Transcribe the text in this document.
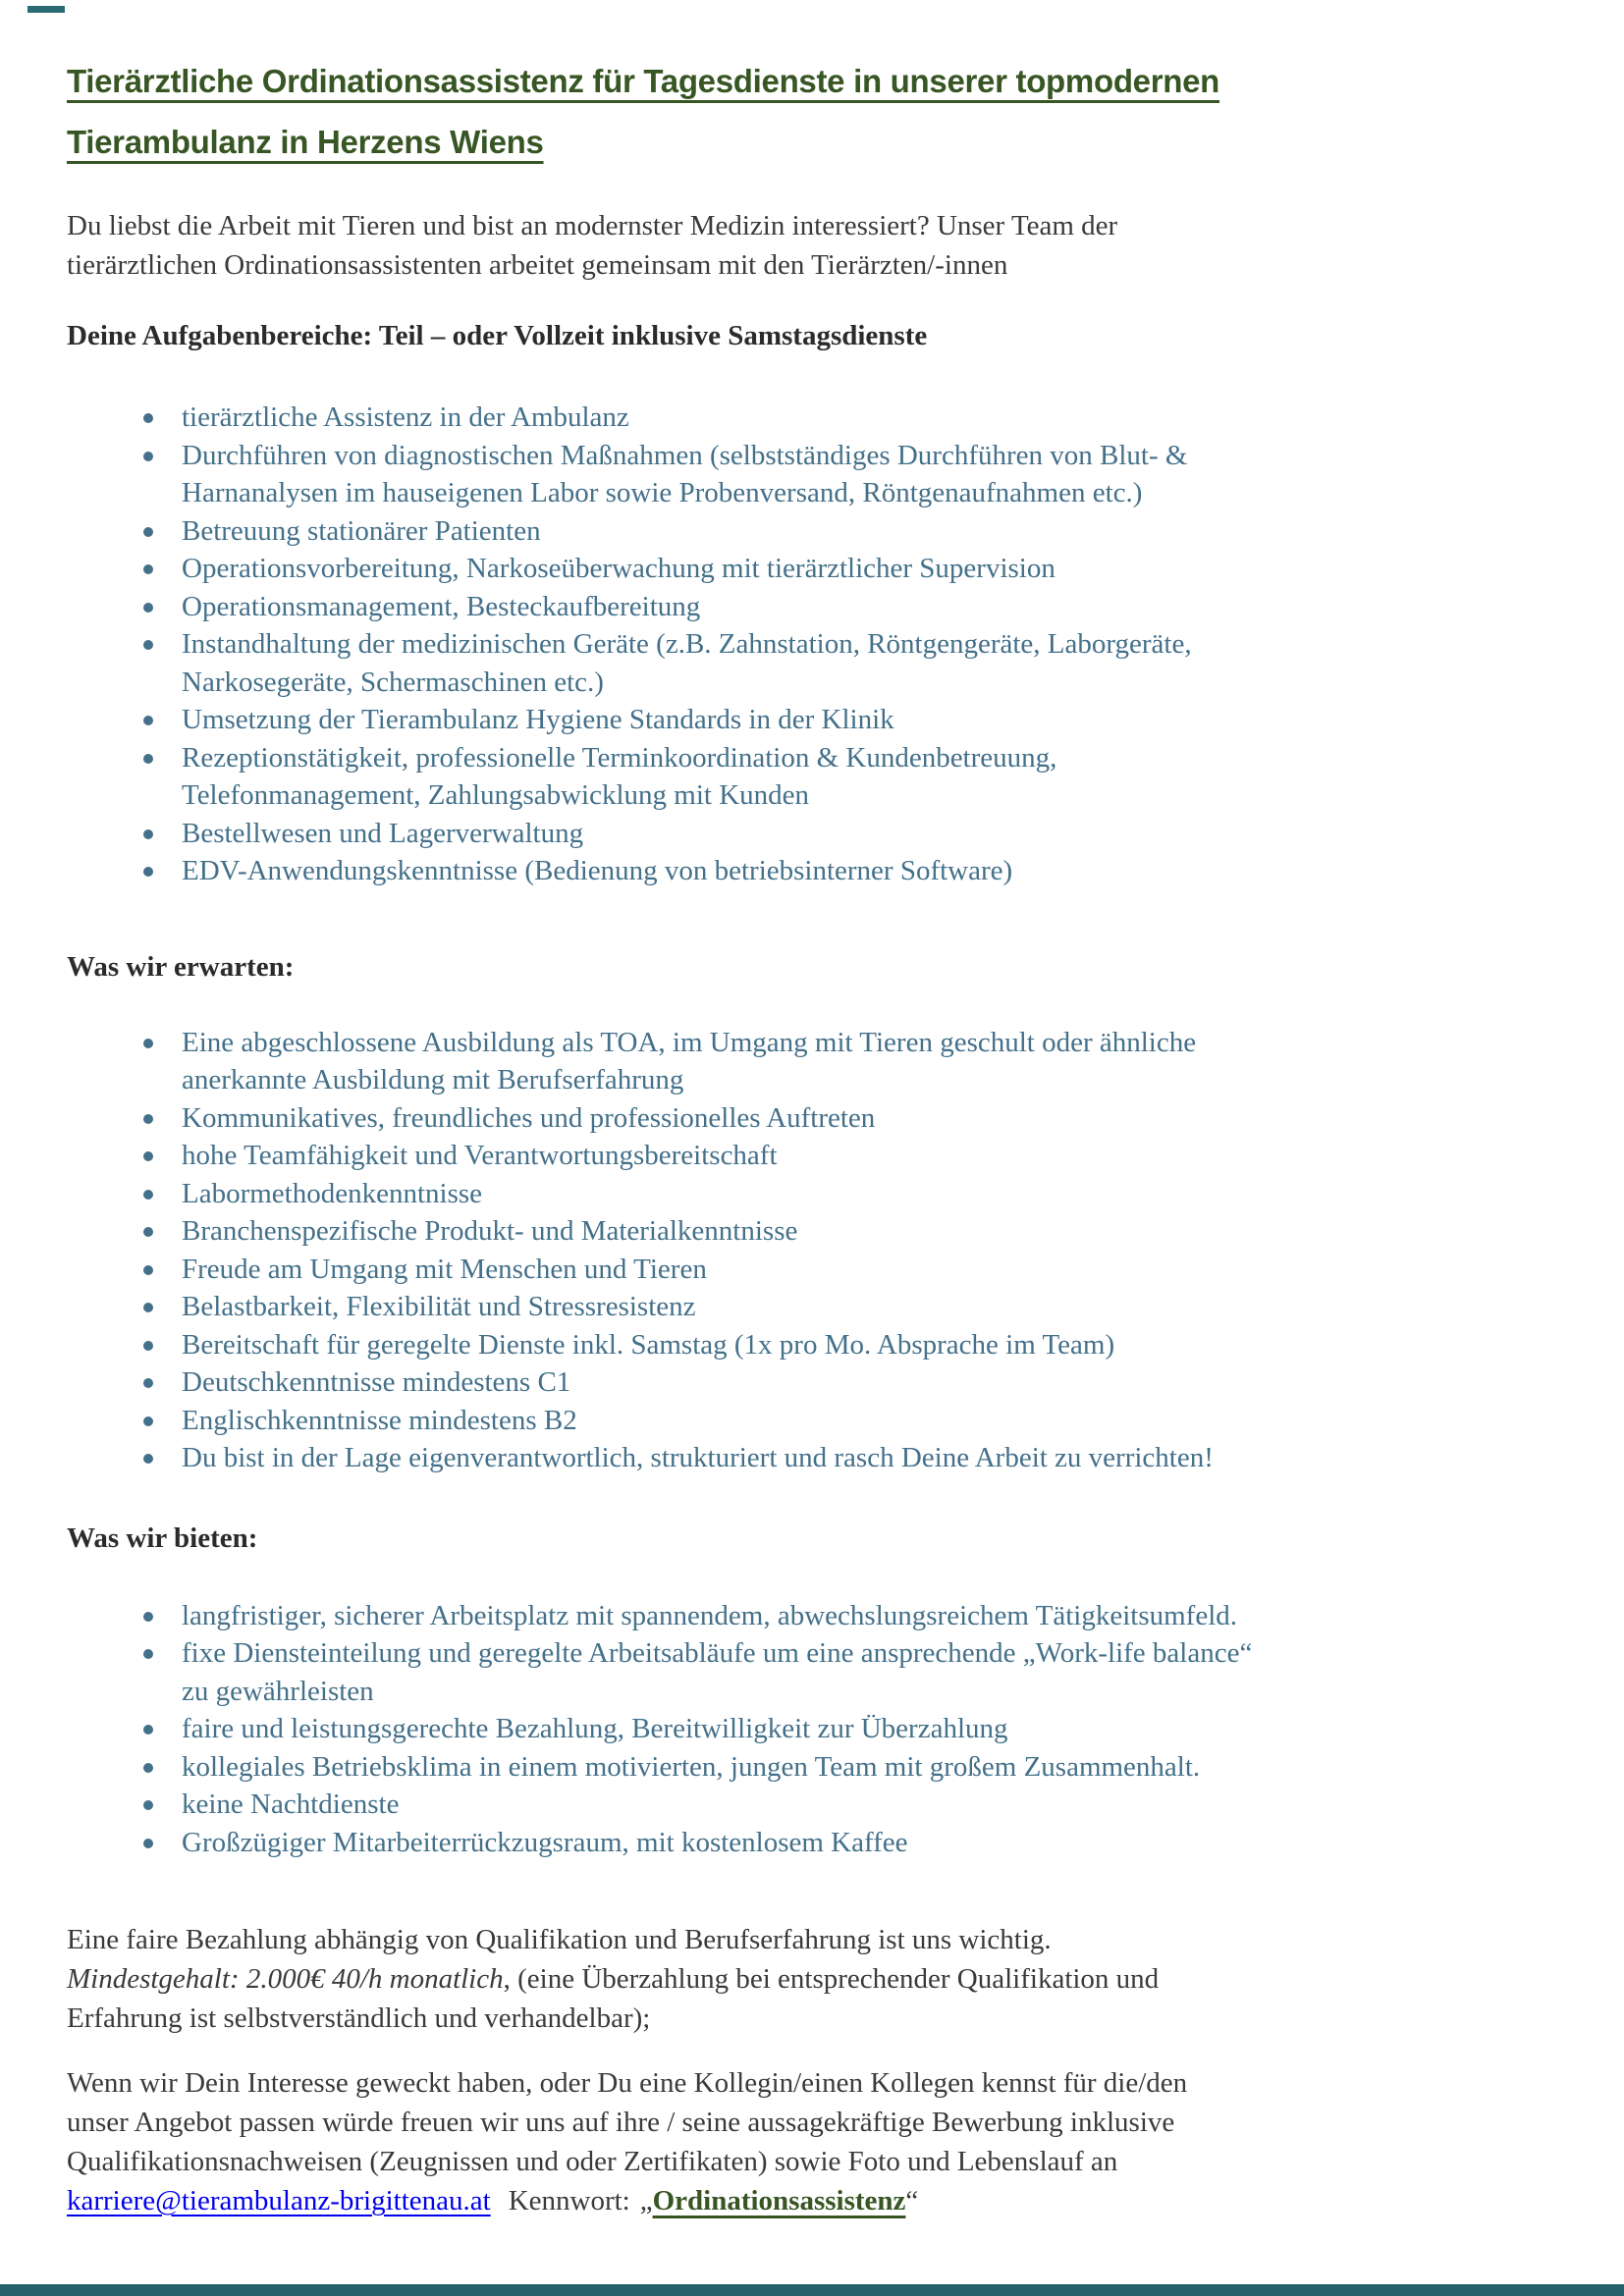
Tierärztliche Ordinationsassistenz für Tagesdienste in unserer topmodernen
Tierambulanz in Herzens Wiens

Du liebst die Arbeit mit Tieren und bist an modernster Medizin interessiert? Unser Team der
tierärztlichen Ordinationsassistenten arbeitet gemeinsam mit den Tierärzten/-innen

Deine Aufgabenbereiche: Teil – oder Vollzeit inklusive Samstagsdienste
tierärztliche Assistenz in der Ambulanz
Durchführen von diagnostischen Maßnahmen (selbstständiges Durchführen von Blut- &
Harnanalysen im hauseigenen Labor sowie Probenversand, Röntgenaufnahmen etc.)
Betreuung stationärer Patienten
Operationsvorbereitung, Narkoseüberwachung mit tierärztlicher Supervision
Operationsmanagement, Besteckaufbereitung
Instandhaltung der medizinischen Geräte (z.B. Zahnstation, Röntgengeräte, Laborgeräte,
Narkosegeräte, Schermaschinen etc.)
Umsetzung der Tierambulanz Hygiene Standards in der Klinik
Rezeptionstätigkeit, professionelle Terminkoordination & Kundenbetreuung,
Telefonmanagement, Zahlungsabwicklung mit Kunden
Bestellwesen und Lagerverwaltung
EDV-Anwendungskenntnisse (Bedienung von betriebsinterner Software)
Was wir erwarten:
Eine abgeschlossene Ausbildung als TOA, im Umgang mit Tieren geschult oder ähnliche
anerkannte Ausbildung mit Berufserfahrung
Kommunikatives, freundliches und professionelles Auftreten
hohe Teamfähigkeit und Verantwortungsbereitschaft
Labormethodenkenntnisse
Branchenspezifische Produkt- und Materialkenntnisse
Freude am Umgang mit Menschen und Tieren
Belastbarkeit, Flexibilität und Stressresistenz
Bereitschaft für geregelte Dienste inkl. Samstag (1x pro Mo. Absprache im Team)
Deutschkenntnisse mindestens C1
Englischkenntnisse mindestens B2
Du bist in der Lage eigenverantwortlich, strukturiert und rasch Deine Arbeit zu verrichten!
Was wir bieten:
langfristiger, sicherer Arbeitsplatz mit spannendem, abwechslungsreichem Tätigkeitsumfeld.
fixe Diensteinteilung und geregelte Arbeitsabläufe um eine ansprechende „Work-life balance“
zu gewährleisten
faire und leistungsgerechte Bezahlung, Bereitwilligkeit zur Überzahlung
kollegiales Betriebsklima in einem motivierten, jungen Team mit großem Zusammenhalt.
keine Nachtdienste
Großzügiger Mitarbeiterrückzugsraum, mit kostenlosem Kaffee

Eine faire Bezahlung abhängig von Qualifikation und Berufserfahrung ist uns wichtig.
Mindestgehalt: 2.000€ 40/h monatlich, (eine Überzahlung bei entsprechender Qualifikation und
Erfahrung ist selbstverständlich und verhandelbar);

Wenn wir Dein Interesse geweckt haben, oder Du eine Kollegin/einen Kollegen kennst für die/den
unser Angebot passen würde freuen wir uns auf ihre / seine aussagekräftige Bewerbung inklusive
Qualifikationsnachweisen (Zeugnissen und oder Zertifikaten) sowie Foto und Lebenslauf an
karriere@tierambulanz-brigittenau.at Kennwort: „Ordinationsassistenz“
